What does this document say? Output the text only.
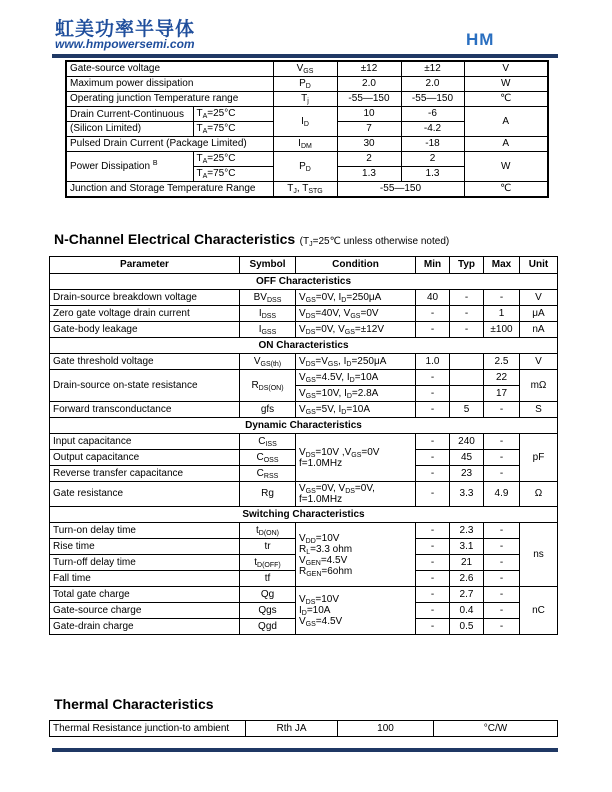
虹美功率半导体
www.hmpowersemi.com	HM
Gate-source voltage		$V_{GS}$	±12	±12	V
Maximum power dissipation		$P_D$	2.0	2.0	W
Operating junction Temperature range		$T_j$	-55—150	-55—150	℃
Drain Current-Continuous	$T_A=25^\circ C$	$I_D$	10	-6	A
(Silicon Limited)	$T_A=75^\circ C$		7	-4.2	
Pulsed Drain Current (Package Limited)		$I_{DM}$	30	-18	A
Power Dissipation $^B$	$T_A=25^\circ C$	$P_D$	2	2	W
	$T_A=75^\circ C$		1.3	1.3	
Junction and Storage Temperature Range		$T_J$, $T_{STG}$	-55—150		℃
N-Channel Electrical Characteristics ($T_J=25℃$ unless otherwise noted)
Parameter	Symbol	Condition	Min	Typ	Max	Unit
OFF Characteristics						
Drain-source breakdown voltage	$BV_{DSS}$	$V_{GS}=0V$, $I_D=250\mu A$	40	-	-	V
Zero gate voltage drain current	$I_{DSS}$	$V_{DS}=40V$, $V_{GS}=0V$	-	-	1	μA
Gate-body leakage	$I_{GSS}$	$V_{DS}=0V$, $V_{GS}=\pm 12V$	-	-	±100	nA
ON Characteristics						
Gate threshold voltage	$V_{GS(th)}$	$V_{DS}=V_{GS}$, $I_D=250\mu A$	1.0		2.5	V
Drain-source on-state resistance	$R_{DS(ON)}$	$V_{GS}=4.5V$, $I_D=10A$	-		22	mΩ
		$V_{GS}=10V$, $I_D=2.8A$	-		17	
Forward transconductance	gfs	$V_{GS}=5V$, $I_D=10A$	-	5	-	S
Dynamic Characteristics						
Input capacitance	$C_{ISS}$	$V_{DS}=10V$ $,V_{GS}=0V$
f=1.0MHz	-	240	-	pF
Output capacitance	$C_{OSS}$		-	45	-	
Reverse transfer capacitance	$C_{RSS}$		-	23	-	
Gate resistance	Rg	$V_{GS}=0V$, $V_{DS}=0V$,
f=1.0MHz	-	3.3	4.9	Ω
Switching Characteristics						
Turn-on delay time	$t_{D(ON)}$	$V_{DD}=10V$
$R_L=3.3$ ohm
$V_{GEN}=4.5V$
$R_{GEN}=6ohm$	-	2.3	-	ns
Rise time	tr		-	3.1	-	
Turn-off delay time	$t_{D(OFF)}$		-	21	-	
Fall time	tf		-	2.6	-	
Total gate charge	Qg	$V_{DS}=10V$
$I_D=10A$
$V_{GS}=4.5V$	-	2.7	-	nC
Gate-source charge	Qgs		-	0.4	-	
Gate-drain charge	Qgd		-	0.5	-	
Thermal Characteristics
Thermal Resistance junction-to ambient	Rth JA	100	°C/W
